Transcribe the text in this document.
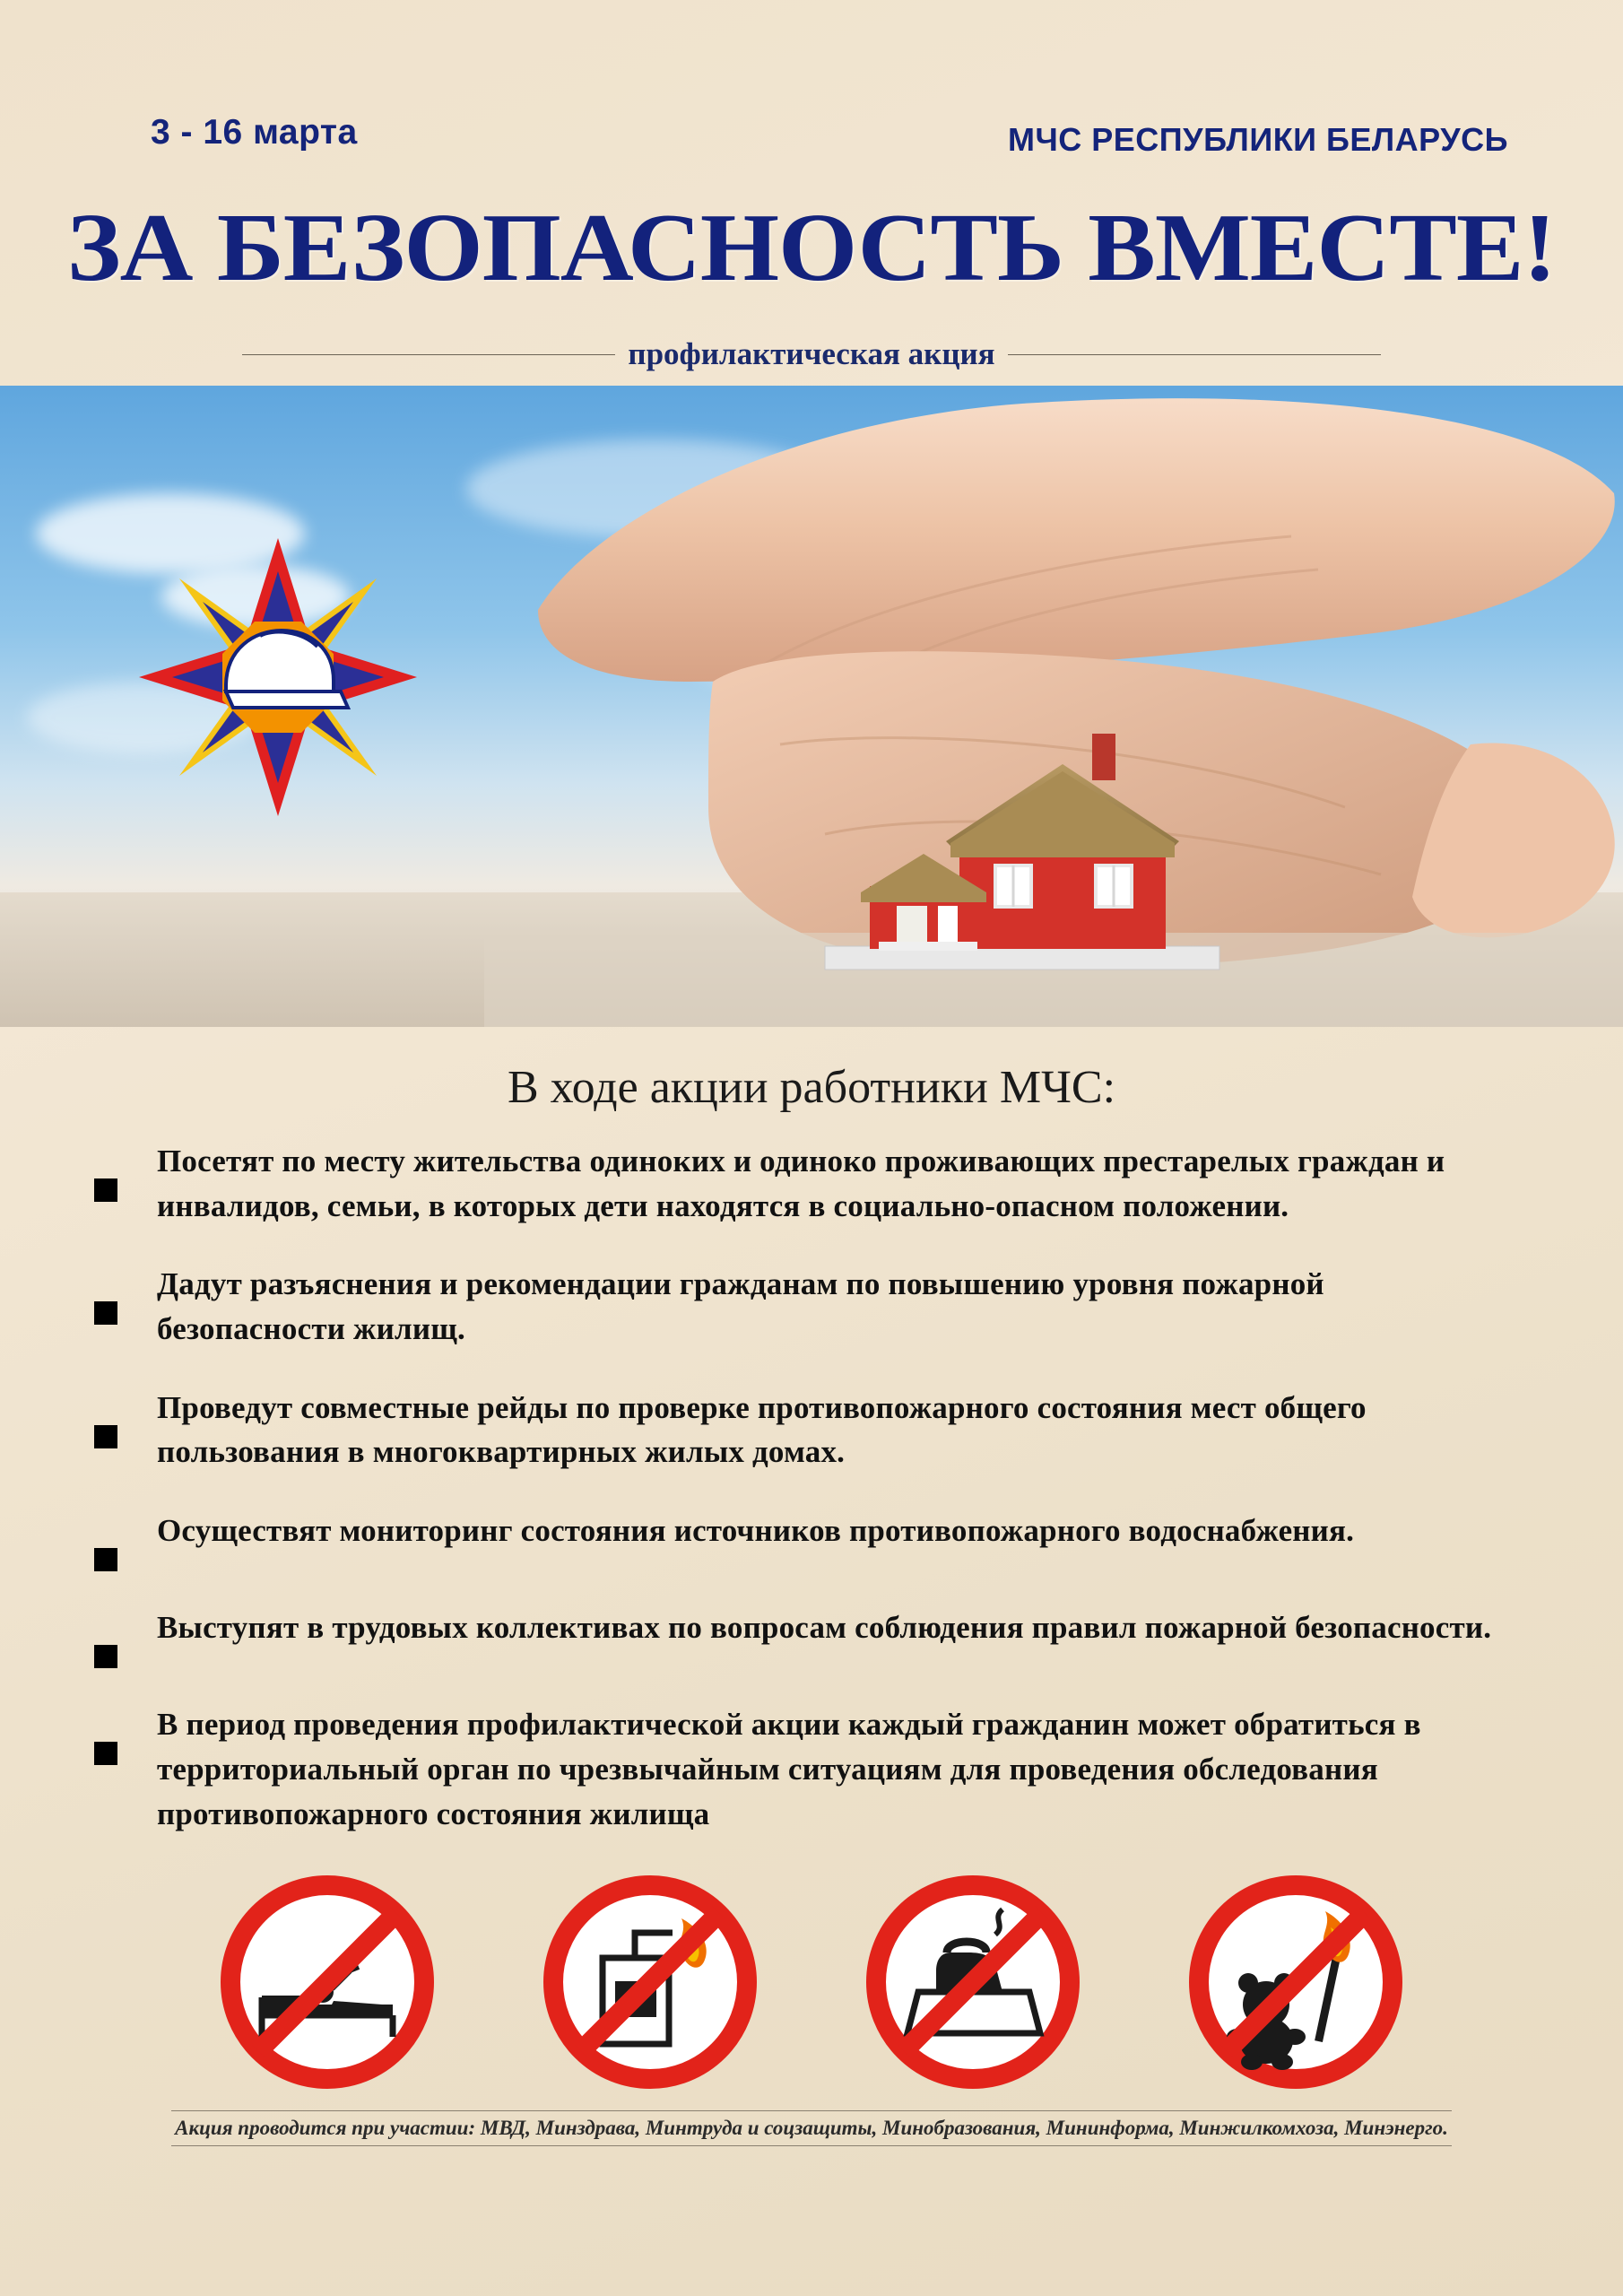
3 - 16 марта	МЧС РЕСПУБЛИКИ БЕЛАРУСЬ
ЗА БЕЗОПАСНОСТЬ ВМЕСТЕ!
профилактическая акция
В ходе акции работники МЧС:
Посетят по месту жительства одиноких и одиноко проживающих престарелых граждан и инвалидов, семьи, в которых дети находятся в социально-опасном положении.
Дадут разъяснения и рекомендации гражданам по повышению уровня пожарной безопасности жилищ.
Проведут совместные рейды по проверке противопожарного состояния мест общего пользования в многоквартирных жилых домах.
Осуществят мониторинг состояния источников противопожарного водоснабжения.
Выступят в трудовых коллективах по вопросам соблюдения правил пожарной безопасности.
В период проведения профилактической акции каждый гражданин может обратиться в территориальный орган по чрезвычайным ситуациям для проведения обследования противопожарного состояния жилища
Акция проводится при участии: МВД, Минздрава, Минтруда и соцзащиты, Минобразования, Мининформа, Минжилкомхоза, Минэнерго.
